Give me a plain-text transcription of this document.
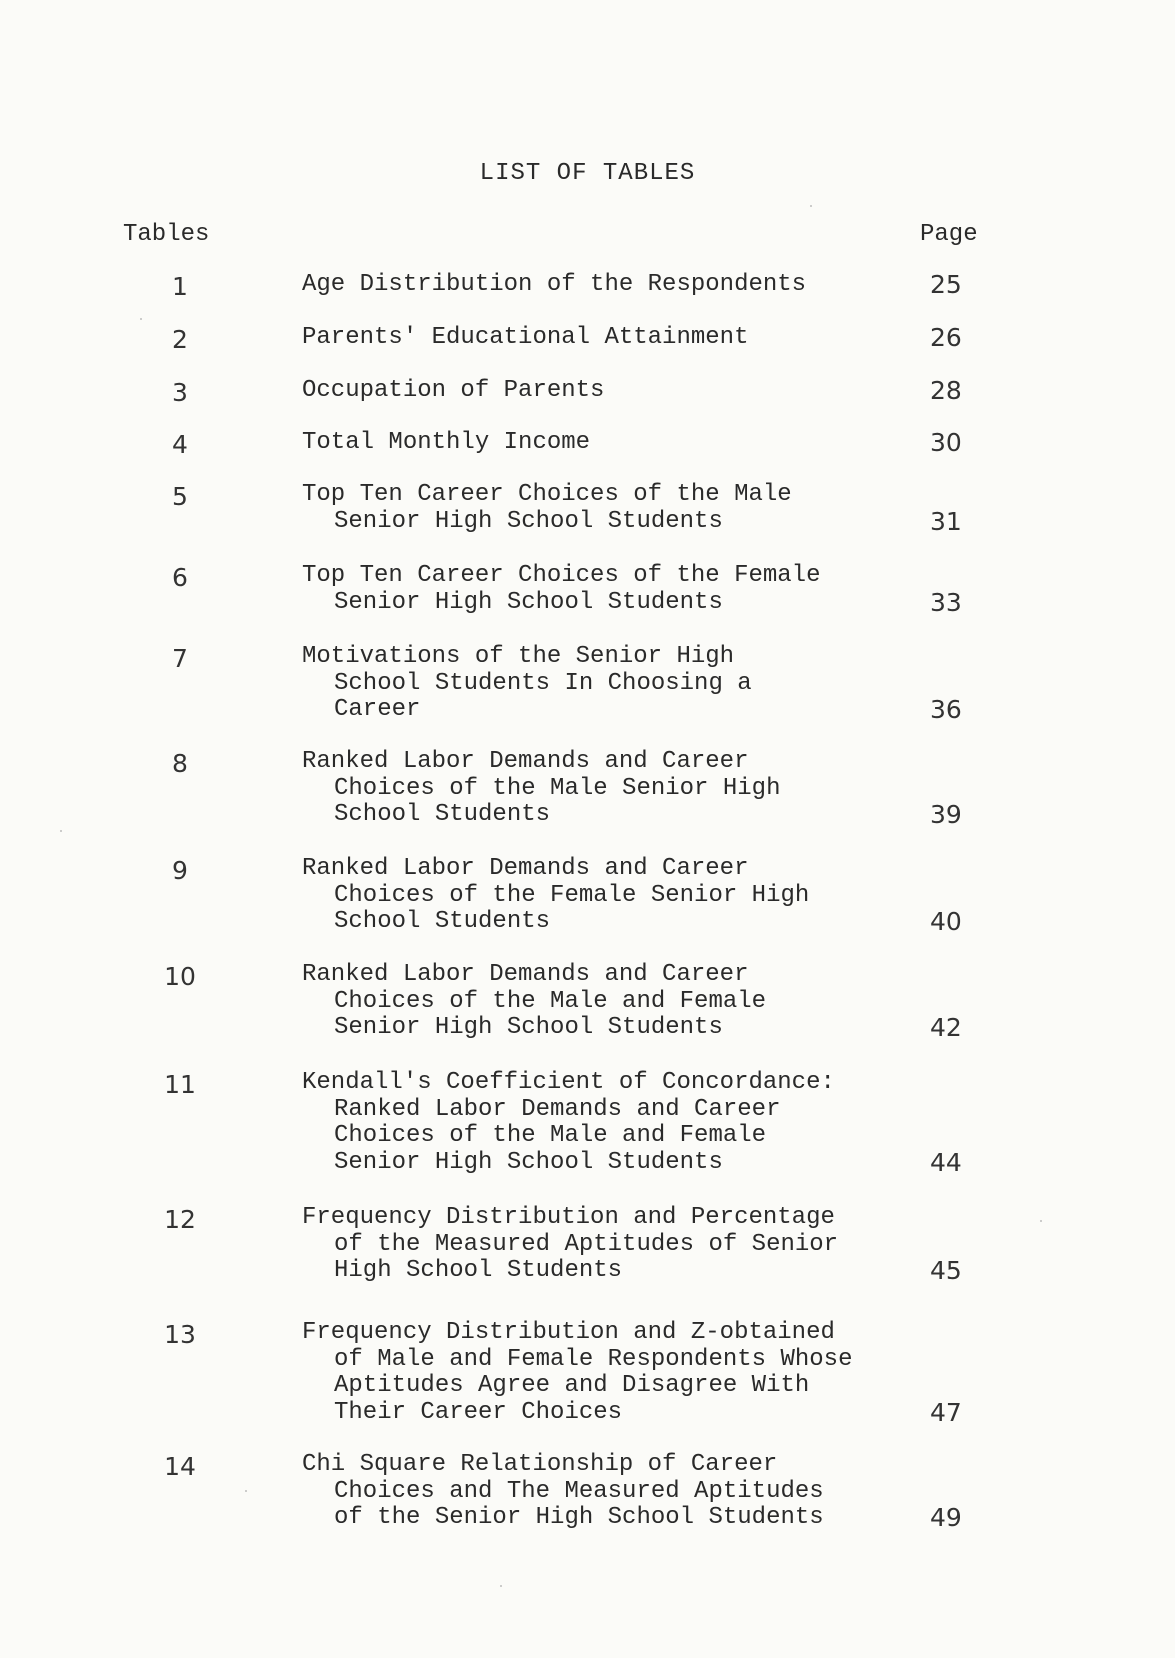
LIST OF TABLES
Tables	Page
1	Age Distribution of the Respondents	25
2	Parents' Educational Attainment	26
3	Occupation of Parents	28
4	Total Monthly Income	30
5	Top Ten Career Choices of the Male
Senior High School Students	31
6	Top Ten Career Choices of the Female
Senior High School Students	33
7	Motivations of the Senior High
School Students In Choosing a
Career	36
8	Ranked Labor Demands and Career
Choices of the Male Senior High
School Students	39
9	Ranked Labor Demands and Career
Choices of the Female Senior High
School Students	40
10	Ranked Labor Demands and Career
Choices of the Male and Female
Senior High School Students	42
11	Kendall's Coefficient of Concordance:
Ranked Labor Demands and Career
Choices of the Male and Female
Senior High School Students	44
12	Frequency Distribution and Percentage
of the Measured Aptitudes of Senior
High School Students	45
13	Frequency Distribution and Z-obtained
of Male and Female Respondents Whose
Aptitudes Agree and Disagree With
Their Career Choices	47
14	Chi Square Relationship of Career
Choices and The Measured Aptitudes
of the Senior High School Students	49
